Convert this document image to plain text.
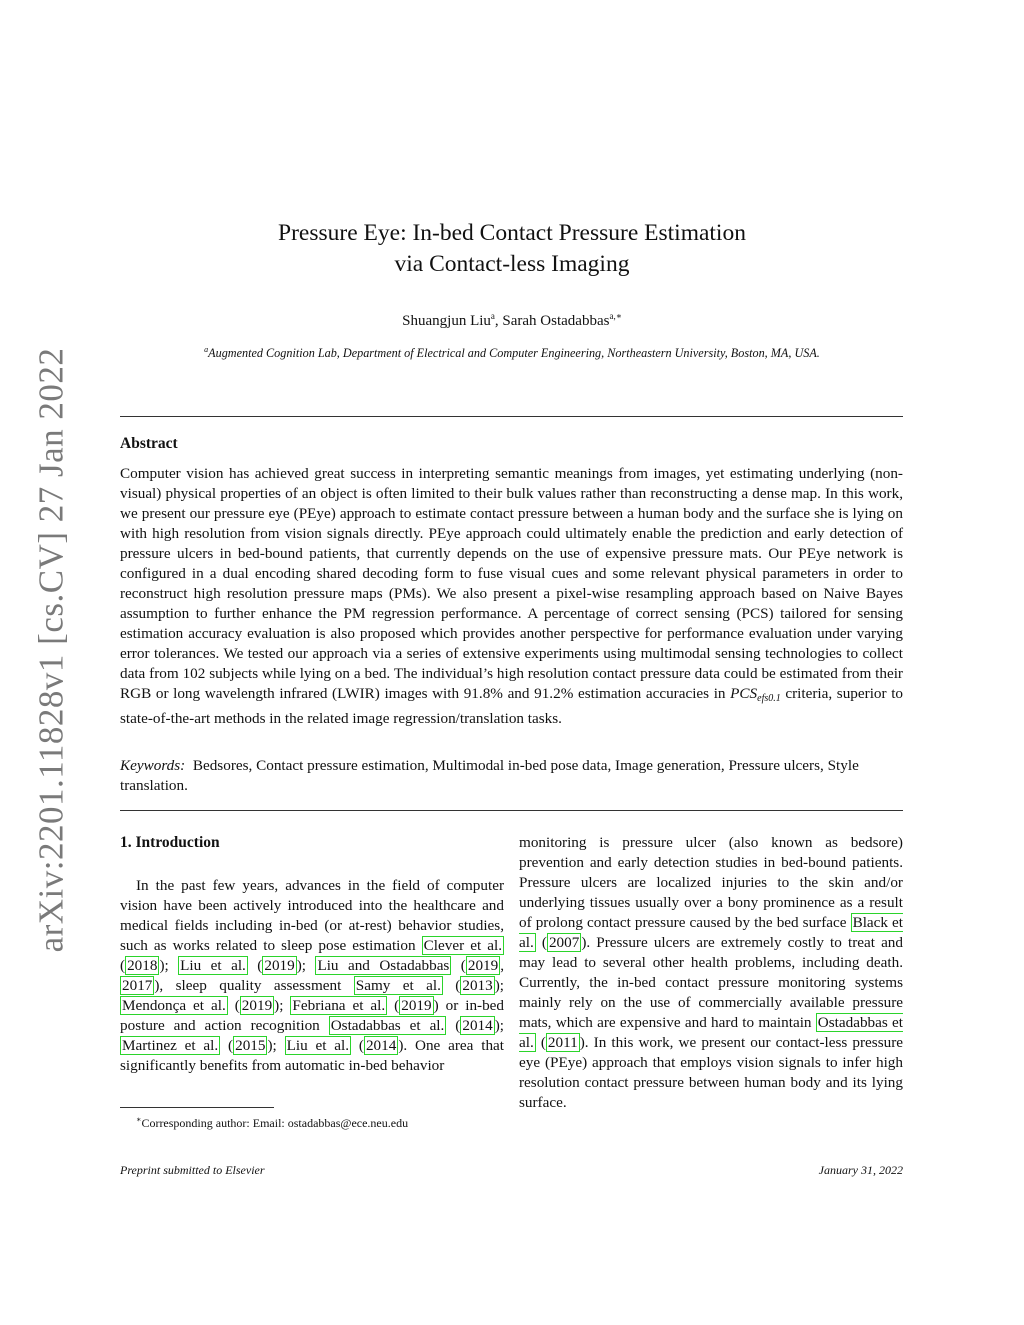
arXiv:2201.11828v1 [cs.CV] 27 Jan 2022
Pressure Eye: In-bed Contact Pressure Estimation
via Contact-less Imaging
Shuangjun Liu$^a$, Sarah Ostadabbas$^{a,∗}$
$^a$Augmented Cognition Lab, Department of Electrical and Computer Engineering, Northeastern University, Boston, MA, USA.
Abstract

Computer vision has achieved great success in interpreting semantic meanings from images, yet estimating underlying (non-visual) physical properties of an object is often limited to their bulk values rather than reconstructing a dense map. In this work, we present our pressure eye (PEye) approach to estimate contact pressure between a human body and the surface she is lying on with high resolution from vision signals directly. PEye approach could ultimately enable the prediction and early detection of pressure ulcers in bed-bound patients, that currently depends on the use of expensive pressure mats. Our PEye network is configured in a dual encoding shared decoding form to fuse visual cues and some relevant physical parameters in order to reconstruct high resolution pressure maps (PMs). We also present a pixel-wise resampling approach based on Naive Bayes assumption to further enhance the PM regression performance. A percentage of correct sensing (PCS) tailored for sensing estimation accuracy evaluation is also proposed which provides another perspective for performance evaluation under varying error tolerances. We tested our approach via a series of extensive experiments using multimodal sensing technologies to collect data from 102 subjects while lying on a bed. The individual’s high resolution contact pressure data could be estimated from their RGB or long wavelength infrared (LWIR) images with 91.8% and 91.2% estimation accuracies in PCSefs0.1 criteria, superior to state-of-the-art methods in the related image regression/translation tasks.

Keywords: Bedsores, Contact pressure estimation, Multimodal in-bed pose data, Image generation, Pressure ulcers, Style translation.

1. Introduction

In the past few years, advances in the field of computer vision have been actively introduced into the healthcare and medical fields including in-bed (or at-rest) behavior studies, such as works related to sleep pose estimation Clever et al. ( 2018 ); Liu et al. ( 2019 ); Liu and Ostadabbas ( 2019 , 2017 ), sleep quality assessment Samy et al. ( 2013 ); Mendonça et al. ( 2019 ); Febriana et al. ( 2019 ) or in-bed posture and action recognition Ostadabbas et al. ( 2014 ); Martinez et al. ( 2015 ); Liu et al. ( 2014 ). One area that significantly benefits from automatic in-bed behavior

monitoring is pressure ulcer (also known as bedsore) prevention and early detection studies in bed-bound patients. Pressure ulcers are localized injuries to the skin and/or underlying tissues usually over a bony prominence as a result of prolong contact pressure caused by the bed surface Black et al. ( 2007 ). Pressure ulcers are extremely costly to treat and may lead to several other health problems, including death. Currently, the in-bed contact pressure monitoring systems mainly rely on the use of commercially available pressure mats, which are expensive and hard to maintain Ostadabbas et al. ( 2011 ). In this work, we present our contact-less pressure eye (PEye) approach that employs vision signals to infer high resolution contact pressure between human body and its lying surface.

∗Corresponding author: Email: ostadabbas@ece.neu.edu
Preprint submitted to Elsevier	January 31, 2022
